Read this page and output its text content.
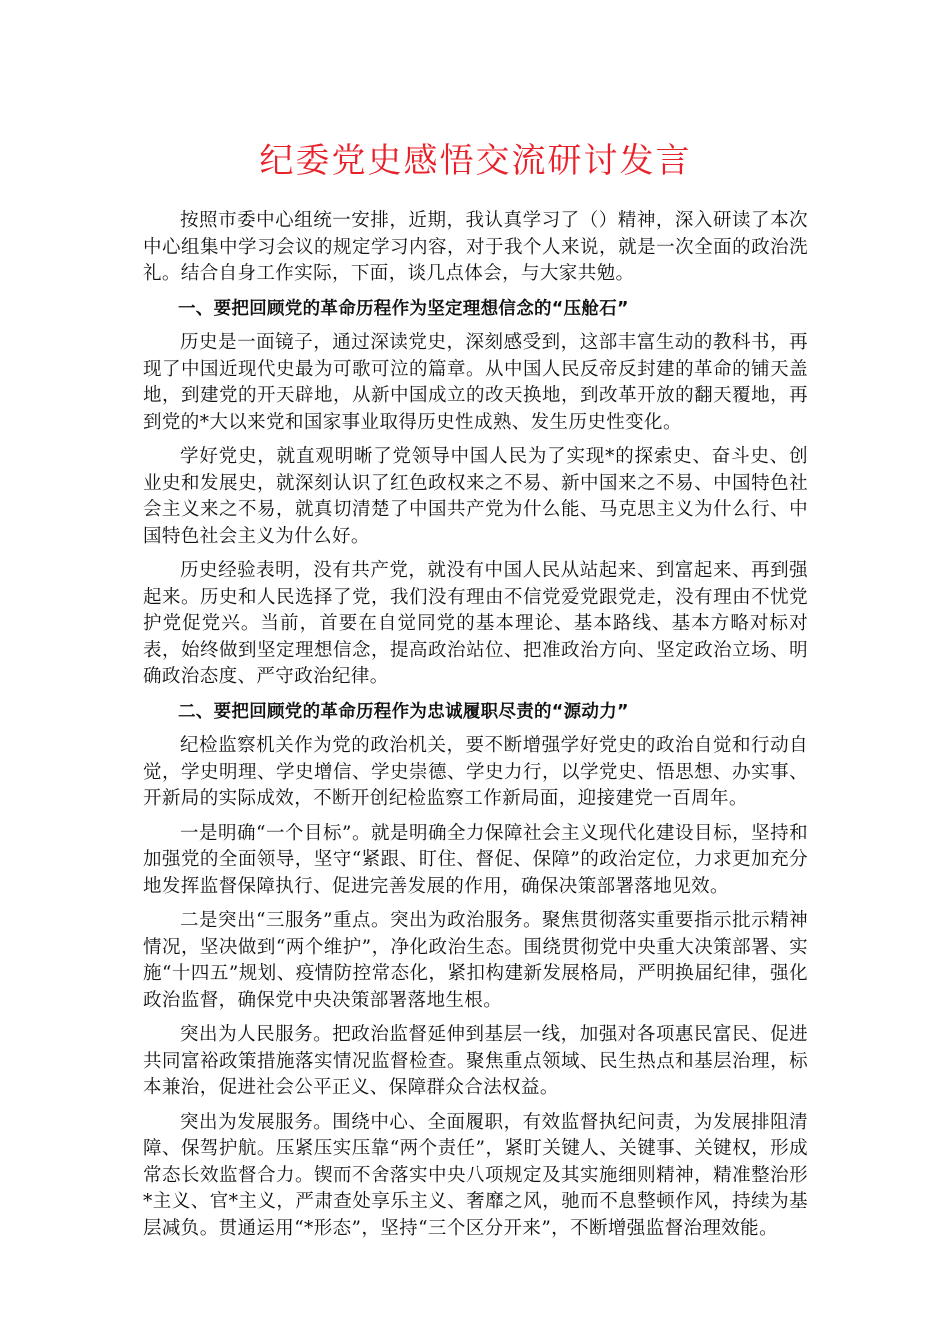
纪委党史感悟交流研讨发言

按照市委中心组统一安排，近期，我认真学习了（）精神，深入研读了本次中心组集中学习会议的规定学习内容，对于我个人来说，就是一次全面的政治洗礼。结合自身工作实际，下面，谈几点体会，与大家共勉。

一、要把回顾党的革命历程作为坚定理想信念的“压舱石”

历史是一面镜子，通过深读党史，深刻感受到，这部丰富生动的教科书，再现了中国近现代史最为可歌可泣的篇章。从中国人民反帝反封建的革命的铺天盖地，到建党的开天辟地，从新中国成立的改天换地，到改革开放的翻天覆地，再到党的*大以来党和国家事业取得历史性成熟、发生历史性变化。

学好党史，就直观明晰了党领导中国人民为了实现*的探索史、奋斗史、创业史和发展史，就深刻认识了红色政权来之不易、新中国来之不易、中国特色社会主义来之不易，就真切清楚了中国共产党为什么能、马克思主义为什么行、中国特色社会主义为什么好。

历史经验表明，没有共产党，就没有中国人民从站起来、到富起来、再到强起来。历史和人民选择了党，我们没有理由不信党爱党跟党走，没有理由不忧党护党促党兴。当前，首要在自觉同党的基本理论、基本路线、基本方略对标对表，始终做到坚定理想信念，提高政治站位、把准政治方向、坚定政治立场、明确政治态度、严守政治纪律。

二、要把回顾党的革命历程作为忠诚履职尽责的“源动力”

纪检监察机关作为党的政治机关，要不断增强学好党史的政治自觉和行动自觉，学史明理、学史增信、学史崇德、学史力行，以学党史、悟思想、办实事、开新局的实际成效，不断开创纪检监察工作新局面，迎接建党一百周年。

一是明确“一个目标”。就是明确全力保障社会主义现代化建设目标，坚持和加强党的全面领导，坚守“紧跟、盯住、督促、保障”的政治定位，力求更加充分地发挥监督保障执行、促进完善发展的作用，确保决策部署落地见效。

二是突出“三服务”重点。突出为政治服务。聚焦贯彻落实重要指示批示精神情况，坚决做到“两个维护”，净化政治生态。围绕贯彻党中央重大决策部署、实施“十四五”规划、疫情防控常态化，紧扣构建新发展格局，严明换届纪律，强化政治监督，确保党中央决策部署落地生根。

突出为人民服务。把政治监督延伸到基层一线，加强对各项惠民富民、促进共同富裕政策措施落实情况监督检查。聚焦重点领域、民生热点和基层治理，标本兼治，促进社会公平正义、保障群众合法权益。

突出为发展服务。围绕中心、全面履职，有效监督执纪问责，为发展排阻清障、保驾护航。压紧压实压靠“两个责任”，紧盯关键人、关键事、关键权，形成常态长效监督合力。锲而不舍落实中央八项规定及其实施细则精神，精准整治形*主义、官*主义，严肃查处享乐主义、奢靡之风，驰而不息整顿作风，持续为基层减负。贯通运用“*形态”，坚持“三个区分开来”，不断增强监督治理效能。
